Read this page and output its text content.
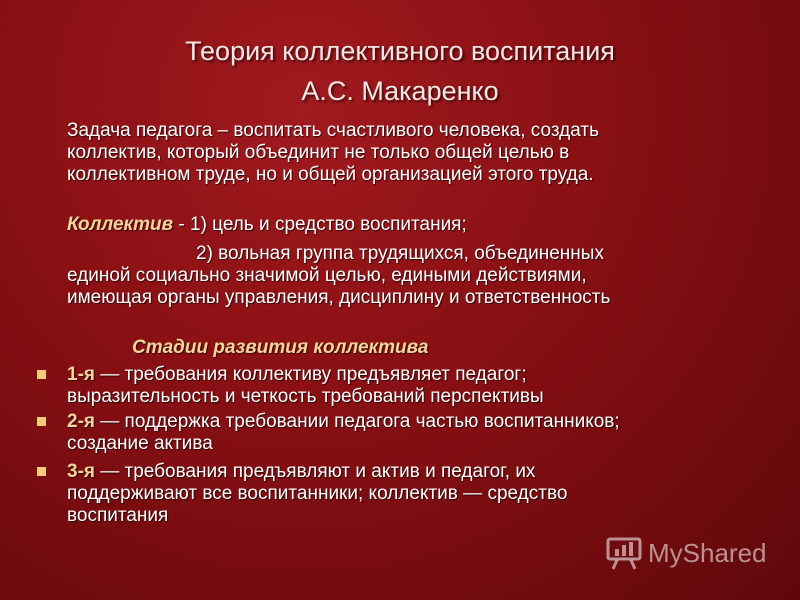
Теория коллективного воспитания
А.С. Макаренко
Задача педагога – воспитать счастливого человека, создать
коллектив, который объединит не только общей целью в
коллективном труде, но и общей организацией этого труда.
Коллектив - 1) цель и средство воспитания;
2) вольная группа трудящихся, объединенных
единой социально значимой целью, едиными действиями,
имеющая органы управления, дисциплину и ответственность
Стадии развития коллектива
1-я — требования коллективу предъявляет педагог;
выразительность и четкость требований перспективы
2-я — поддержка требовании педагога частью воспитанников;
создание актива
3-я — требования предъявляют и актив и педагог, их
поддерживают все воспитанники; коллектив — средство
воспитания
MyShared
